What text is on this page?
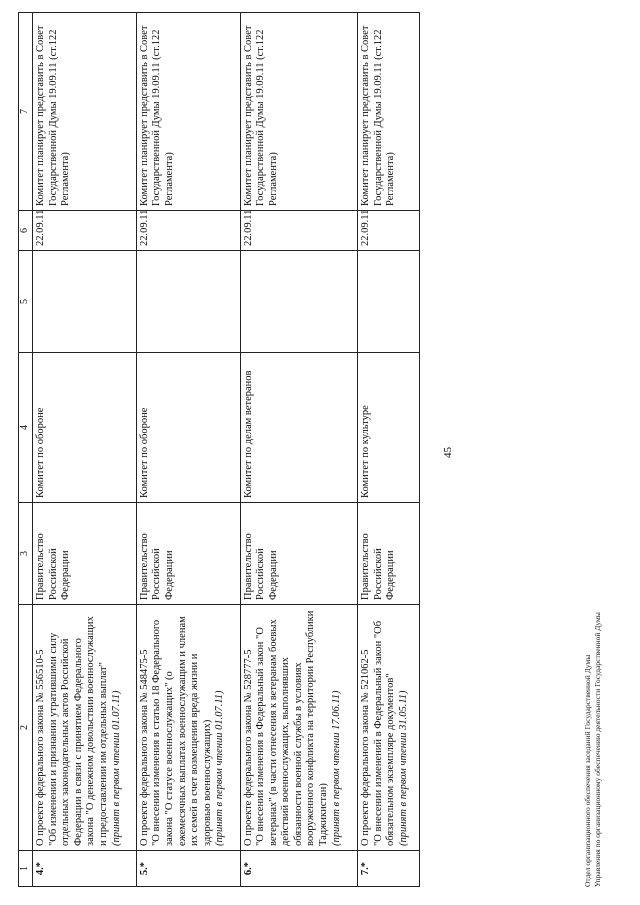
1	2	3	4	5	6	7
4.*	О проекте федерального закона № 556510-5 "Об изменении и признании утратившими силу отдельных законодательных актов Российской Федерации в связи с принятием Федерального закона "О денежном довольствии военнослужащих и предоставлении им отдельных выплат" (принят в первом чтении 01.07.11)	Правительство Российской Федерации	Комитет по обороне		22.09.11	Комитет планирует представить в Совет Государственной Думы 19.09.11 (ст.122 Регламента)
5.*	О проекте федерального закона № 548475-5 "О внесении изменения в статью 18 Федерального закона "О статусе военнослужащих" (о ежемесячных выплатах военнослужащим и членам их семей в счет возмещения вреда жизни и здоровью военнослужащих) (принят в первом чтении 01.07.11)	Правительство Российской Федерации	Комитет по обороне		22.09.11	Комитет планирует представить в Совет Государственной Думы 19.09.11 (ст.122 Регламента)
6.*	О проекте федерального закона № 528777-5 "О внесении изменения в Федеральный закон "О ветеранах" (в части отнесения к ветеранам боевых действий военнослужащих, выполнявших обязанности военной службы в условиях вооруженного конфликта на территории Республики Таджикистан) (принят в первом чтении 17.06.11)	Правительство Российской Федерации	Комитет по делам ветеранов		22.09.11	Комитет планирует представить в Совет Государственной Думы 19.09.11 (ст.122 Регламента)
7.*	О проекте федерального закона № 521062-5 "О внесении изменений в Федеральный закон "Об обязательном экземпляре документов" (принят в первом чтении 31.05.11)	Правительство Российской Федерации	Комитет по культуре		22.09.11	Комитет планирует представить в Совет Государственной Думы 19.09.11 (ст.122 Регламента)
45
Отдел организационного обеспечения заседаний Государственной Думы Управления по организационному обеспечению деятельности Государственной Думы
